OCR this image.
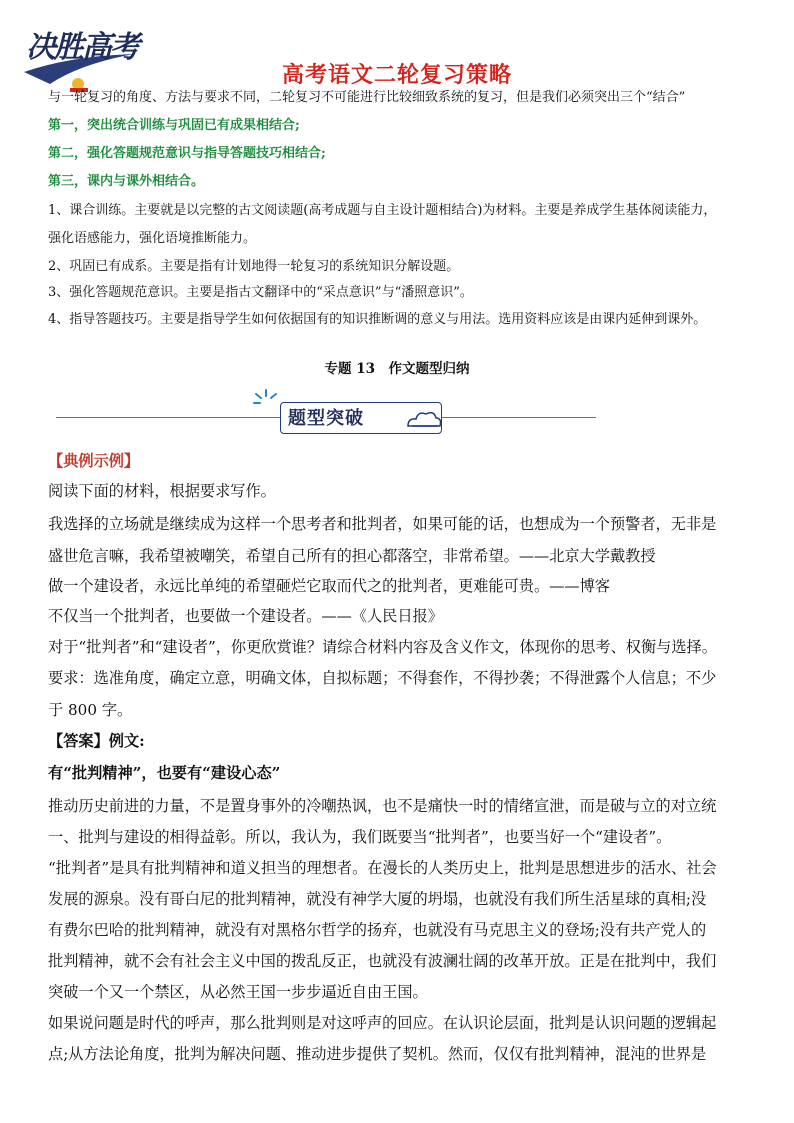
决胜高考
高考语文二轮复习策略
与一轮复习的角度、方法与要求不同，二轮复习不可能进行比较细致系统的复习，但是我们必须突出三个“结合”
第一，突出统合训练与巩固已有成果相结合;
第二，强化答题规范意识与指导答题技巧相结合;
第三，课内与课外相结合。
1、课合训练。主要就是以完整的古文阅读题(高考成题与自主设计题相结合)为材料。主要是养成学生基体阅读能力，
强化语感能力，强化语境推断能力。
2、巩固已有成系。主要是指有计划地得一轮复习的系统知识分解设题。
3、强化答题规范意识。主要是指古文翻译中的“采点意识”与“潘照意识”。
4、指导答题技巧。主要是指导学生如何依据国有的知识推断调的意义与用法。选用资料应该是由课内延伸到课外。
专题 13　作文题型归纳
题型突破
【典例示例】
阅读下面的材料，根据要求写作。
我选择的立场就是继续成为这样一个思考者和批判者，如果可能的话，也想成为一个预警者，无非是
盛世危言嘛，我希望被嘲笑，希望自己所有的担心都落空，非常希望。——北京大学戴教授
做一个建设者，永远比单纯的希望砸烂它取而代之的批判者，更难能可贵。——博客
不仅当一个批判者，也要做一个建设者。——《人民日报》
对于“批判者”和“建设者”，你更欣赏谁？请综合材料内容及含义作文，体现你的思考、权衡与选择。
要求：选准角度，确定立意，明确文体，自拟标题；不得套作，不得抄袭；不得泄露个人信息；不少
于 800 字。
【答案】例文:
有“批判精神”，也要有“建设心态”
推动历史前进的力量，不是置身事外的冷嘲热讽，也不是痛快一时的情绪宣泄，而是破与立的对立统
一、批判与建设的相得益彰。所以，我认为，我们既要当“批判者”，也要当好一个“建设者”。
“批判者”是具有批判精神和道义担当的理想者。在漫长的人类历史上，批判是思想进步的活水、社会
发展的源泉。没有哥白尼的批判精神，就没有神学大厦的坍塌，也就没有我们所生活星球的真相;没
有费尔巴哈的批判精神，就没有对黑格尔哲学的扬弃，也就没有马克思主义的登场;没有共产党人的
批判精神，就不会有社会主义中国的拨乱反正，也就没有波澜壮阔的改革开放。正是在批判中，我们
突破一个又一个禁区，从必然王国一步步逼近自由王国。
如果说问题是时代的呼声，那么批判则是对这呼声的回应。在认识论层面，批判是认识问题的逻辑起
点;从方法论角度，批判为解决问题、推动进步提供了契机。然而，仅仅有批判精神，混沌的世界是
